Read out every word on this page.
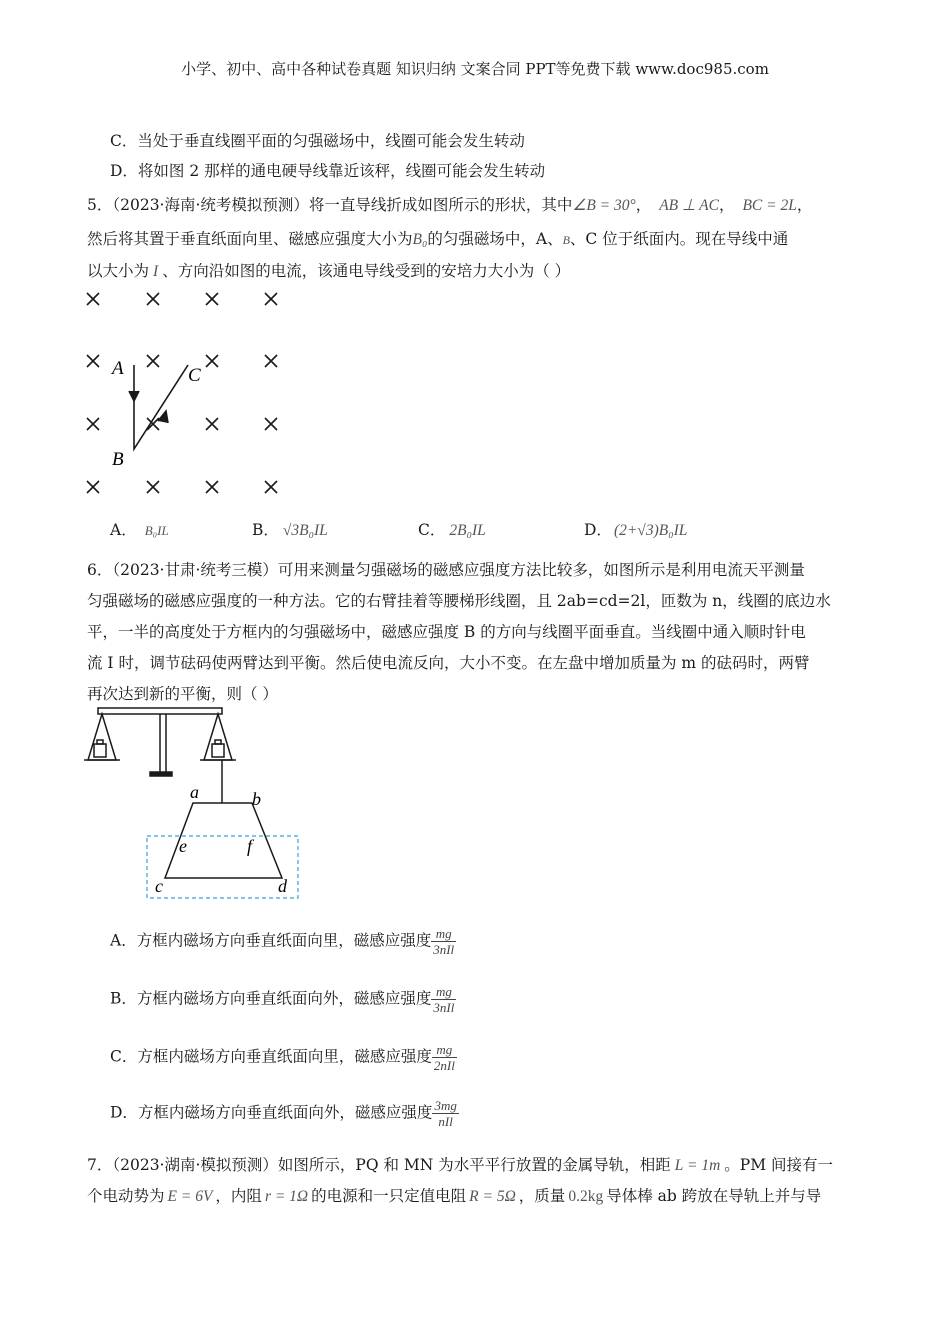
小学、初中、高中各种试卷真题 知识归纳 文案合同 PPT等免费下载 www.doc985.com
C．当处于垂直线圈平面的匀强磁场中，线圈可能会发生转动
D．将如图 2 那样的通电硬导线靠近该秤，线圈可能会发生转动
5．（2023·海南·统考模拟预测）将一直导线折成如图所示的形状，其中∠B = 30°， AB ⊥ AC， BC = 2L，
然后将其置于垂直纸面向里、磁感应强度大小为B₀的匀强磁场中，A、B、C 位于纸面内。现在导线中通
以大小为 I 、方向沿如图的电流，该通电导线受到的安培力大小为（ ）
A
B
C
A． B₀IL	B． √3B₀IL	C． 2B₀IL	D． (2+√3)B₀IL
6．（2023·甘肃·统考三模）可用来测量匀强磁场的磁感应强度方法比较多，如图所示是利用电流天平测量
匀强磁场的磁感应强度的一种方法。它的右臂挂着等腰梯形线圈，且 2ab=cd=2l，匝数为 n，线圈的底边水
平，一半的高度处于方框内的匀强磁场中，磁感应强度 B 的方向与线圈平面垂直。当线圈中通入顺时针电
流 I 时，调节砝码使两臂达到平衡。然后使电流反向，大小不变。在左盘中增加质量为 m 的砝码时，两臂
再次达到新的平衡，则（ ）
a	b
e	f
c	d
A．方框内磁场方向垂直纸面向里，磁感应强度 $\frac{mg}{\text{3nIl}}$
B．方框内磁场方向垂直纸面向外，磁感应强度 $\frac{mg}{\text{3nIl}}$
C．方框内磁场方向垂直纸面向里，磁感应强度 $\frac{mg}{\text{2nIl}}$
D．方框内磁场方向垂直纸面向外，磁感应强度 $\frac{3mg}{\text{nIl}}$
7．（2023·湖南·模拟预测）如图所示，PQ 和 MN 为水平平行放置的金属导轨，相距 L = 1m 。PM 间接有一
个电动势为 E = 6V ，内阻 r = 1Ω 的电源和一只定值电阻 R = 5Ω ，质量 0.2kg 导体棒 ab 跨放在导轨上并与导
